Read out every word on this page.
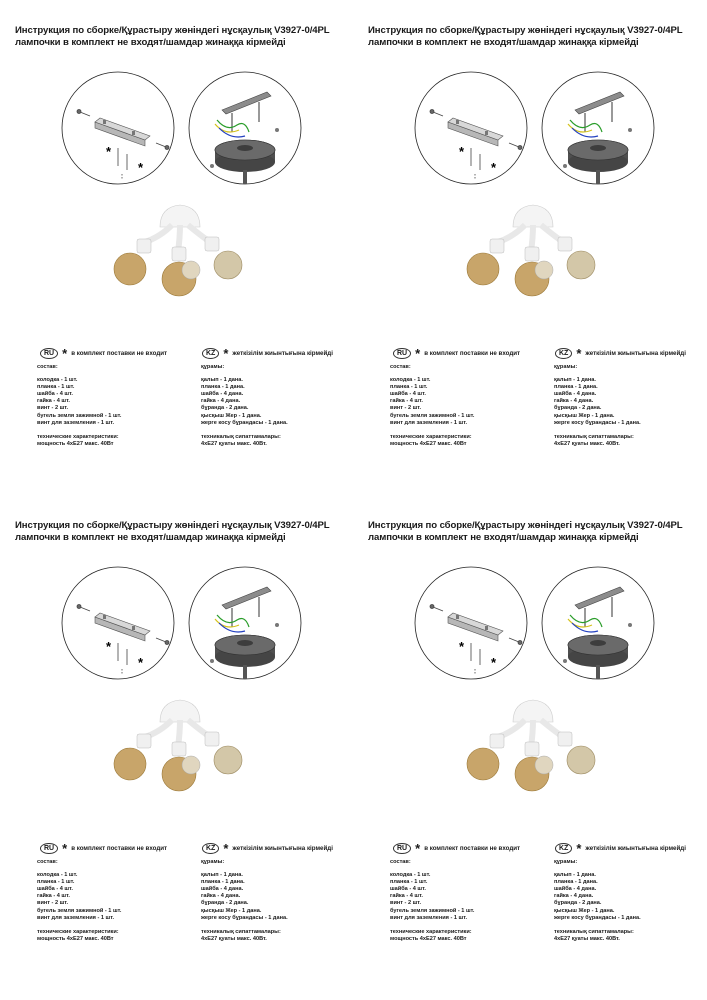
Инструкция по сборке/Құрастыру жөніндегі нұсқаулық V3927-0/4PL
лампочки в комплект не входят/шамдар жинаққа кірмейді
*
*
RU * в комплект поставки не входит	KZ * жеткізілім жиынтығына кірмейді
состав:
колодка - 1 шт.
планка - 1 шт.
шайба - 4 шт.
гайка - 4 шт.
винт - 2 шт.
бугель земля зажимной - 1 шт.
винт для заземления - 1 шт.
технические характеристики:
мощность 4хЕ27 макс. 40Вт
құрамы:
қалып - 1 дана.
планка - 1 дана.
шайба - 4 дана.
гайка - 4 дана.
бұранда - 2 дана.
қысқыш Жер - 1 дана.
жерге косу бұрандасы - 1 дана.
техникалық сипаттамалары:
4хЕ27 қуаты макс. 40Вт.
Инструкция по сборке/Құрастыру жөніндегі нұсқаулық V3927-0/4PL
лампочки в комплект не входят/шамдар жинаққа кірмейді
*
*
RU * в комплект поставки не входит	KZ * жеткізілім жиынтығына кірмейді
состав:
колодка - 1 шт.
планка - 1 шт.
шайба - 4 шт.
гайка - 4 шт.
винт - 2 шт.
бугель земля зажимной - 1 шт.
винт для заземления - 1 шт.
технические характеристики:
мощность 4хЕ27 макс. 40Вт
құрамы:
қалып - 1 дана.
планка - 1 дана.
шайба - 4 дана.
гайка - 4 дана.
бұранда - 2 дана.
қысқыш Жер - 1 дана.
жерге косу бұрандасы - 1 дана.
техникалық сипаттамалары:
4хЕ27 қуаты макс. 40Вт.
Инструкция по сборке/Құрастыру жөніндегі нұсқаулық V3927-0/4PL
лампочки в комплект не входят/шамдар жинаққа кірмейді
*
*
RU * в комплект поставки не входит	KZ * жеткізілім жиынтығына кірмейді
состав:
колодка - 1 шт.
планка - 1 шт.
шайба - 4 шт.
гайка - 4 шт.
винт - 2 шт.
бугель земля зажимной - 1 шт.
винт для заземления - 1 шт.
технические характеристики:
мощность 4хЕ27 макс. 40Вт
құрамы:
қалып - 1 дана.
планка - 1 дана.
шайба - 4 дана.
гайка - 4 дана.
бұранда - 2 дана.
қысқыш Жер - 1 дана.
жерге косу бұрандасы - 1 дана.
техникалық сипаттамалары:
4хЕ27 қуаты макс. 40Вт.
Инструкция по сборке/Құрастыру жөніндегі нұсқаулық V3927-0/4PL
лампочки в комплект не входят/шамдар жинаққа кірмейді
*
*
RU * в комплект поставки не входит	KZ * жеткізілім жиынтығына кірмейді
состав:
колодка - 1 шт.
планка - 1 шт.
шайба - 4 шт.
гайка - 4 шт.
винт - 2 шт.
бугель земля зажимной - 1 шт.
винт для заземления - 1 шт.
технические характеристики:
мощность 4хЕ27 макс. 40Вт
құрамы:
қалып - 1 дана.
планка - 1 дана.
шайба - 4 дана.
гайка - 4 дана.
бұранда - 2 дана.
қысқыш Жер - 1 дана.
жерге косу бұрандасы - 1 дана.
техникалық сипаттамалары:
4хЕ27 қуаты макс. 40Вт.
